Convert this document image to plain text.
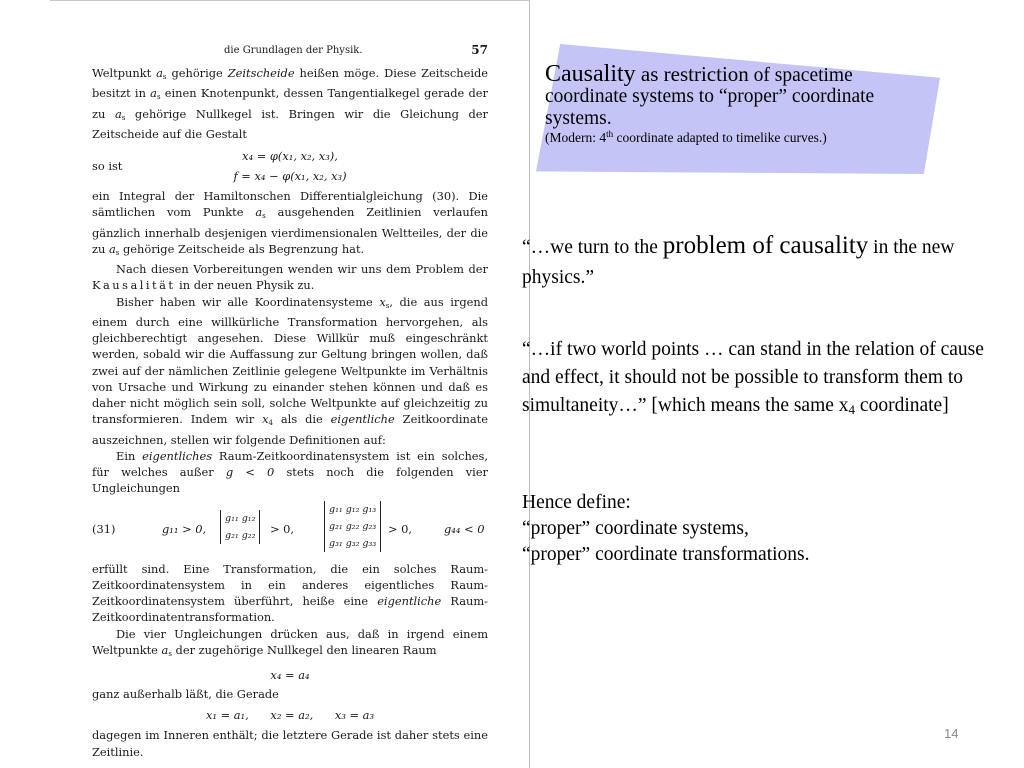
die Grundlagen der Physik.	57

Weltpunkt $a_s$ gehörige Zeitscheide heißen möge. Diese Zeitscheide besitzt in $a_s$ einen Knotenpunkt, dessen Tangentialkegel gerade der zu $a_s$ gehörige Nullkegel ist. Bringen wir die Gleichung der Zeitscheide auf die Gestalt

x₄ = φ(x₁, x₂, x₃),
so ist
f = x₄ − φ(x₁, x₂, x₃)

ein Integral der Hamiltonschen Differentialgleichung (30). Die sämtlichen vom Punkte $a_s$ ausgehenden Zeitlinien verlaufen gänzlich innerhalb desjenigen vierdimensionalen Weltteiles, der die zu $a_s$ gehörige Zeitscheide als Begrenzung hat.

Nach diesen Vorbereitungen wenden wir uns dem Problem der Kausalität in der neuen Physik zu.

Bisher haben wir alle Koordinatensysteme $x_s$, die aus irgend einem durch eine willkürliche Transformation hervorgehen, als gleichberechtigt angesehen. Diese Willkür muß eingeschränkt werden, sobald wir die Auffassung zur Geltung bringen wollen, daß zwei auf der nämlichen Zeitlinie gelegene Weltpunkte im Verhältnis von Ursache und Wirkung zu einander stehen können und daß es daher nicht möglich sein soll, solche Weltpunkte auf gleichzeitig zu transformieren. Indem wir $x_4$ als die eigentliche Zeitkoordinate auszeichnen, stellen wir folgende Definitionen auf:

Ein eigentliches Raum-Zeitkoordinatensystem ist ein solches, für welches außer g < 0 stets noch die folgenden vier Ungleichungen

(31)	g₁₁ > 0,
g₁₁ g₁₂
g₂₁ g₂₂ > 0,
g₁₁ g₁₂ g₁₃
g₂₁ g₂₂ g₂₃
g₃₁ g₃₂ g₃₃
> 0,	g₄₄ < 0

erfüllt sind. Eine Transformation, die ein solches Raum-Zeitkoordinatensystem in ein anderes eigentliches Raum-Zeitkoordinatensystem überführt, heiße eine eigentliche Raum-Zeitkoordinatentransformation.

Die vier Ungleichungen drücken aus, daß in irgend einem Weltpunkte $a_s$ der zugehörige Nullkegel den linearen Raum

x₄ = a₄

ganz außerhalb läßt, die Gerade

x₁ = a₁,      x₂ = a₂,      x₃ = a₃

dagegen im Inneren enthält; die letztere Gerade ist daher stets eine Zeitlinie.

Causality as restriction of spacetime
coordinate systems to “proper” coordinate
systems.
(Modern: 4th coordinate adapted to timelike curves.)
“…we turn to the problem of causality in the new physics.”
“…if two world points … can stand in the relation of cause and effect, it should not be possible to transform them to simultaneity…” [which means the same $x_4$ coordinate]
Hence define:
“proper” coordinate systems,
“proper” coordinate transformations.
14
